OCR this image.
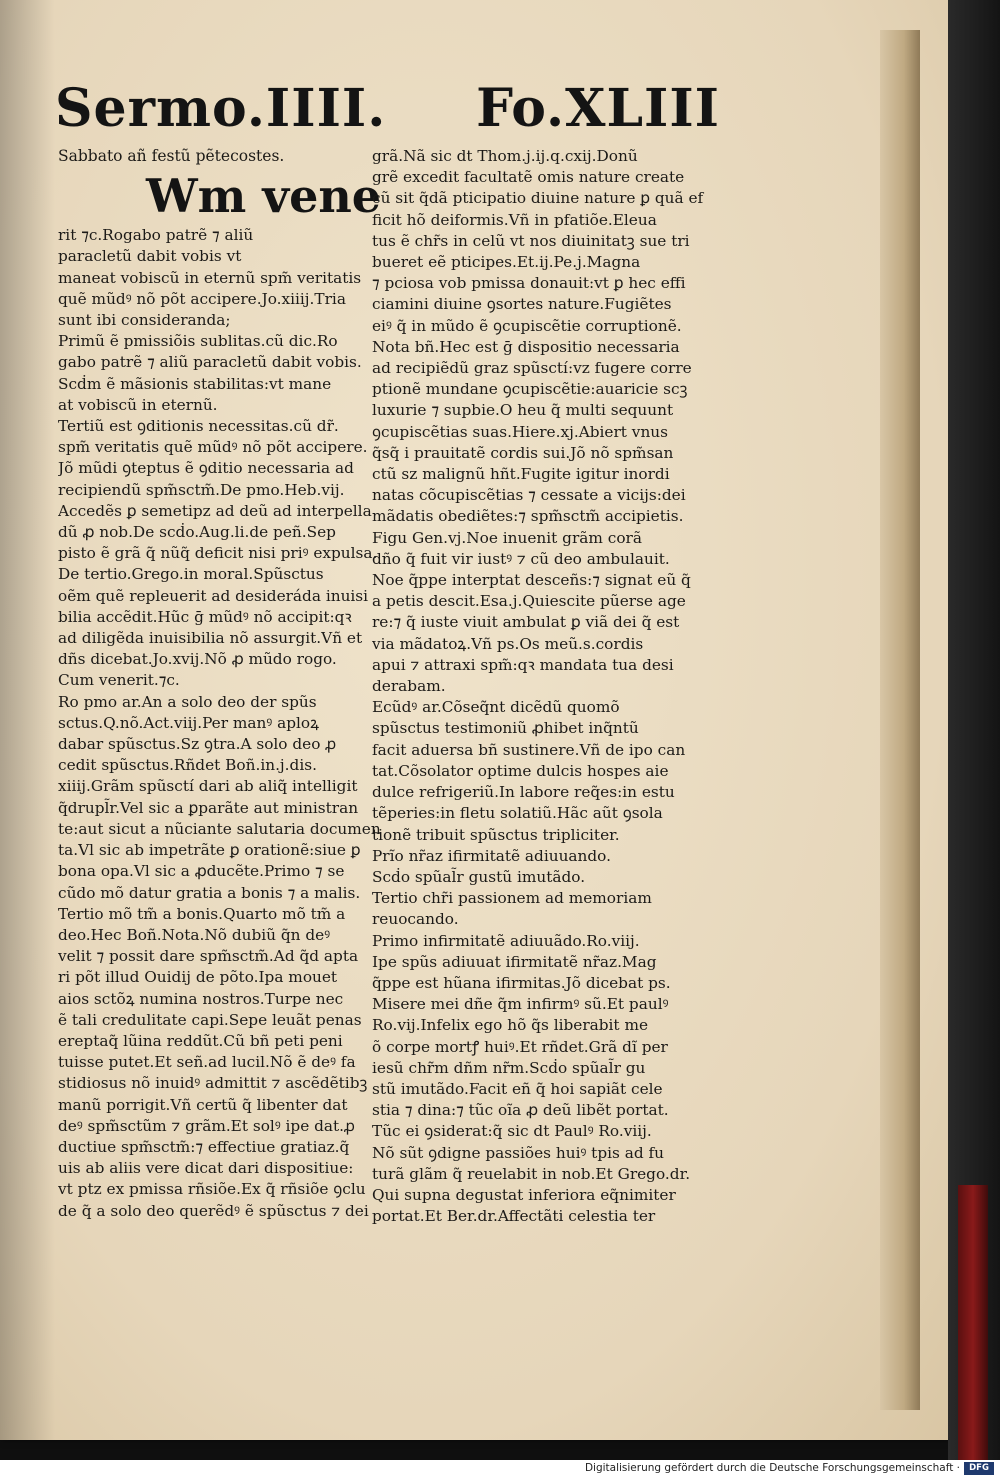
Sermo.IIII. Fo.XLIII

Sabbato añ festũ pẽtecostes.

Wm vene

rit ⁊c.Rogabo patrẽ ⁊ aliũ

paracletũ dabit vobis vt

maneat vobiscũ in eternũ spm̃ veritatis

quẽ mũdꝰ nõ põt accipere.Jo.xiiij.Tria

sunt ibi consideranda;

Primũ ẽ pmissiõis sublitas.cũ dic.Ro

gabo patrẽ ⁊ aliũ paracletũ dabit vobis.

Scḋm ẽ mãsionis stabilitas:vt mane

at vobiscũ in eternũ.

Tertiũ est ꝯditionis necessitas.cũ dr̃.

spm̃ veritatis quẽ mũdꝰ nõ põt accipere.

Jõ mũdi ꝯteptus ẽ ꝯditio necessaria ad

recipiendũ spm̃sctm̃.De pmo.Heb.vij.

Accedẽs ꝑ semetipz ad deũ ad interpella

dũ ꝓ nob.De scḋo.Aug.li.de peñ.Sep

pisto ẽ grã q̃ nũq̃ deficit nisi priꝰ expulsa.

De tertio.Grego.in moral.Spũsctus

oẽm quẽ repleuerit ad desideráda inuisi

bilia accẽdit.Hũc ḡ mũdꝰ nõ accipit:qꝛ

ad diligẽda inuisibilia nõ assurgit.Vñ et

dñs dicebat.Jo.xvij.Nõ ꝓ mũdo rogo.

Cum venerit.⁊c.

Ro pmo ar.An a solo deo der spũs

sctus.Q.nõ.Act.viij.Per manꝰ aploꝝ

dabar spũsctus.Sz ꝯtra.A solo deo ꝓ

cedit spũsctus.Rñdet Boñ.in.j.dis.

xiiij.Grãm spũsctí dari ab aliq̃ intelligit

q̃drupl̃r.Vel sic a ꝑparãte aut ministran

te:aut sicut a nũciante salutaria documen

ta.Vl sic ab impetrãte ꝑ orationẽ:siue ꝑ

bona opa.Vl sic a ꝓducẽte.Primo ⁊ se

cũdo mõ datur gratia a bonis ⁊ a malis.

Tertio mõ tm̃ a bonis.Quarto mõ tm̃ a

deo.Hec Boñ.Nota.Nõ dubiũ q̃n deꝰ

velit ⁊ possit dare spm̃sctm̃.Ad q̃d apta

ri põt illud Ouidij de põto.Ipa mouet

aios sctõꝝ numina nostros.Turpe nec

ẽ tali credulitate capi.Sepe leuãt penas

ereptaq̃ lũina reddũt.Cũ bñ peti peni

tuisse putet.Et señ.ad lucil.Nõ ẽ deꝰ fa

stidiosus nõ inuidꝰ admittit ⁊ ascẽdẽtibꝫ

manũ porrigit.Vñ certũ q̃ libenter dat

deꝰ spm̃sctũm ⁊ grãm.Et solꝰ ipe dat.ꝓ

ductiue spm̃sctm̃:⁊ effectiue gratiaz.q̃

uis ab aliis vere dicat dari dispositiue:

vt ptz ex pmissa rñsiõe.Ex q̃ rñsiõe ꝯclu

de q̃ a solo deo querẽdꝰ ẽ spũsctus ⁊ dei

grã.Nã sic dt Thom.j.ij.q.cxij.Donũ

grẽ excedit facultatẽ omis nature create

cũ sit q̃dã pticipatio diuine nature ꝑ quã ef

ficit hõ deiformis.Vñ in pfatiõe.Eleua

tus ẽ chr̃s in celũ vt nos diuinitatꝫ sue tri

bueret eẽ pticipes.Et.ij.Pe.j.Magna

⁊ pciosa vob pmissa donauit:vt ꝑ hec effi

ciamini diuine ꝯsortes nature.Fugiẽtes

eiꝰ q̃ in mũdo ẽ ꝯcupiscẽtie corruptionẽ.

Nota bñ.Hec est ḡ dispositio necessaria

ad recipiẽdũ graz spũsctí:vz fugere corre

ptionẽ mundane ꝯcupiscẽtie:auaricie scꝫ

luxurie ⁊ supbie.O heu q̃ multi sequunt

ꝯcupiscẽtias suas.Hiere.xj.Abiert vnus

q̃sq̃ i prauitatẽ cordis sui.Jõ nõ spm̃san

ctũ sz malignũ hñt.Fugite igitur inordi

natas cõcupiscẽtias ⁊ cessate a vicijs:dei

mãdatis obediẽtes:⁊ spm̃sctm̃ accipietis.

Figu Gen.vj.Noe inuenit grãm corã

dño q̃ fuit vir iustꝰ ⁊ cũ deo ambulauit.

Noe q̃ppe interptat desceñs:⁊ signat eũ q̃

a petis descit.Esa.j.Quiescite pũerse age

re:⁊ q̃ iuste viuit ambulat ꝑ viã dei q̃ est

via mãdatoꝝ.Vñ ps.Os meũ.s.cordis

apui ⁊ attraxi spm̃:qꝛ mandata tua desi

derabam.

Ecũdꝰ ar.Cõseq̃nt dicẽdũ quomõ

spũsctus testimoniũ ꝓhibet inq̃ntũ

facit aduersa bñ sustinere.Vñ de ipo can

tat.Cõsolator optime dulcis hospes aie

dulce refrigeriũ.In labore req̃es:in estu

tẽperies:in fletu solatiũ.Hãc aũt ꝯsola

tionẽ tribuit spũsctus tripliciter.

Prĩo nr̃az ifirmitatẽ adiuuando.

Scḋo spũal̃r gustũ imutãdo.

Tertio chr̃i passionem ad memoriam

reuocando.

Primo infirmitatẽ adiuuãdo.Ro.viij.

Ipe spũs adiuuat ifirmitatẽ nr̃az.Mag

q̃ppe est hũana ifirmitas.Jõ dicebat ps.

Misere mei dñe q̃m infirmꝰ sũ.Et paulꝰ

Ro.vij.Infelix ego hõ q̃s liberabit me

õ corpe mortꝭ huiꝰ.Et rñdet.Grã dĩ per

iesũ chr̃m dñm nr̃m.Scḋo spũal̃r gu

stũ imutãdo.Facit eñ q̃ hoi sapiãt cele

stia ⁊ dina:⁊ tũc oĩa ꝓ deũ libẽt portat.

Tũc ei ꝯsiderat:q̃ sic dt Paulꝰ Ro.viij.

Nõ sũt ꝯdigne passiões huiꝰ tpis ad fu

turã glãm q̃ reuelabit in nob.Et Grego.dr.

Qui supna degustat inferiora eq̃nimiter

portat.Et Ber.dr.Affectãti celestia ter

Digitalisierung gefördert durch die Deutsche Forschungsgemeinschaft ·	DFG
